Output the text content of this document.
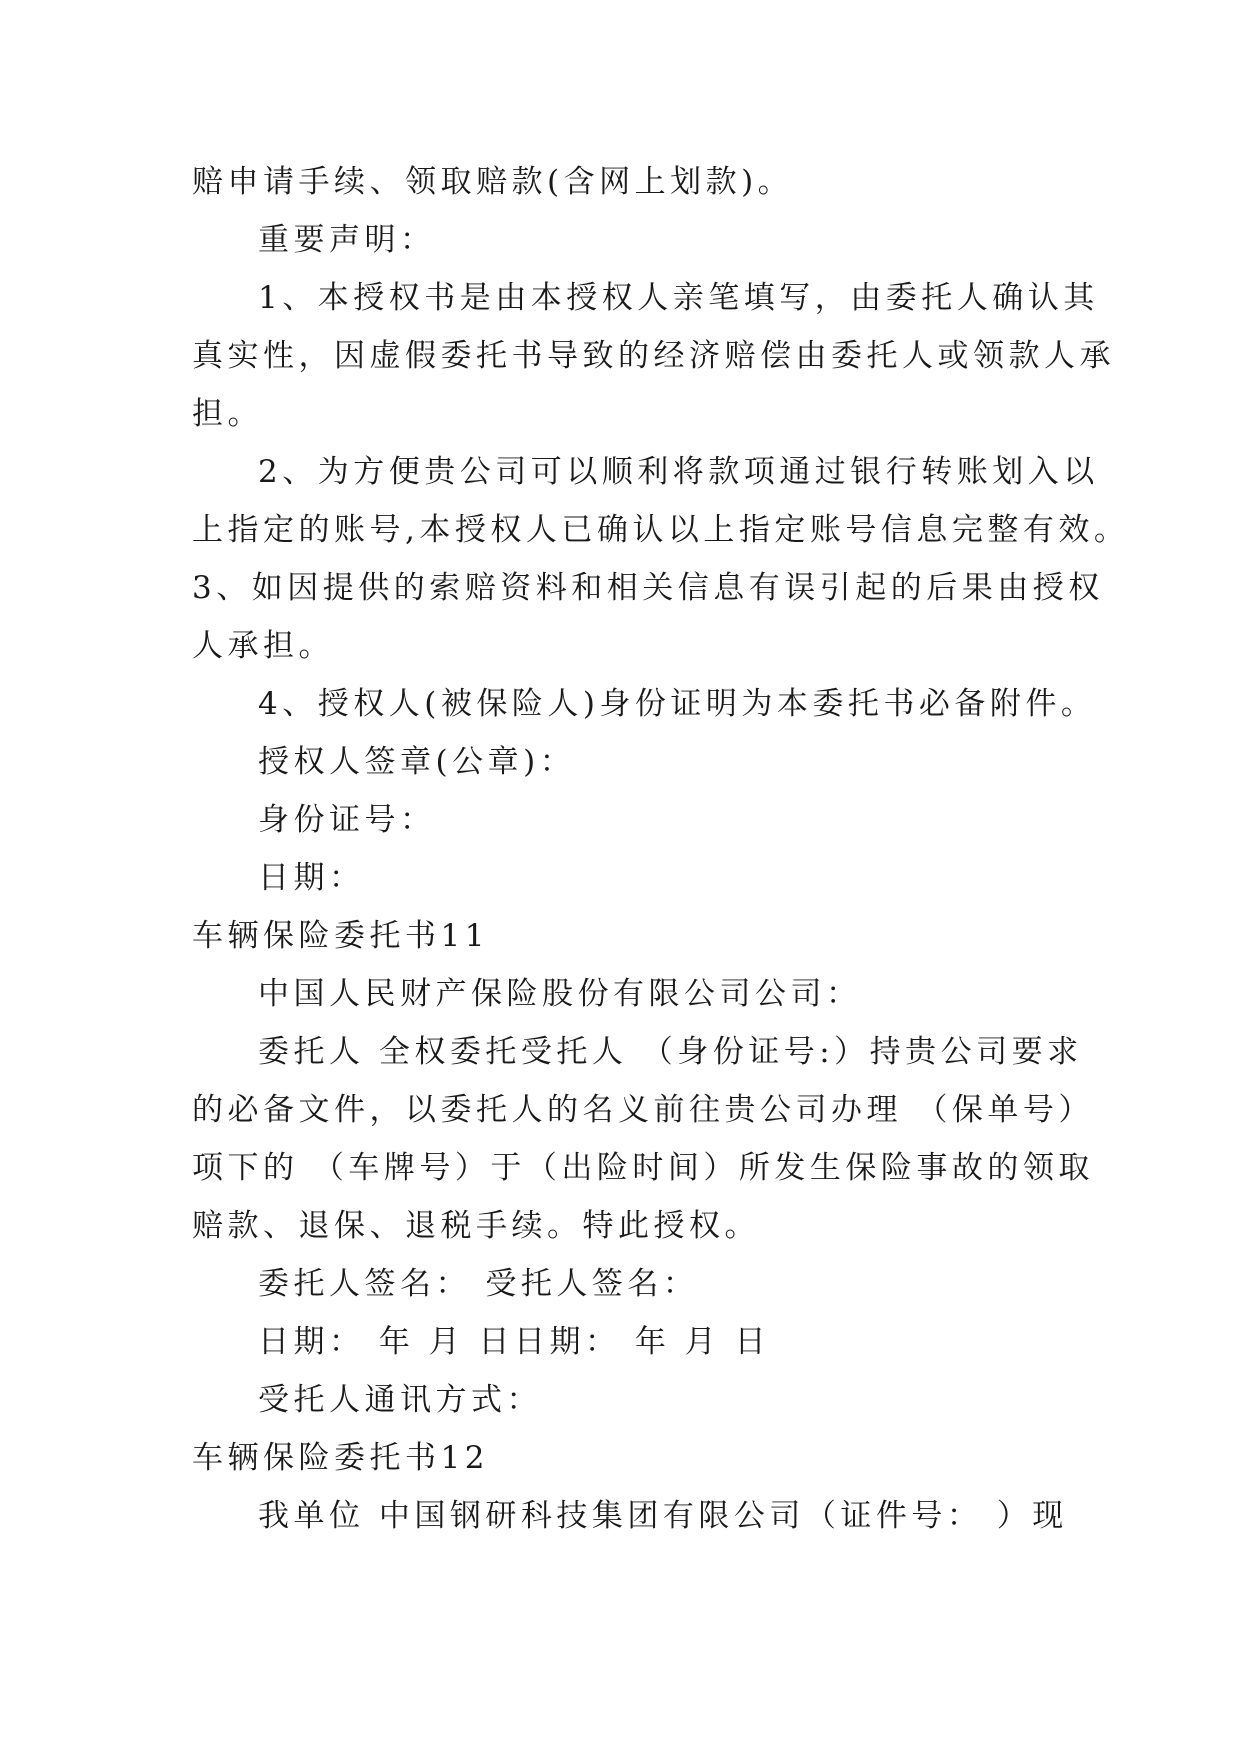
赔申请手续、领取赔款(含网上划款)。

重要声明：

1、本授权书是由本授权人亲笔填写，由委托人确认其

真实性，因虚假委托书导致的经济赔偿由委托人或领款人承

担。

2、为方便贵公司可以顺利将款项通过银行转账划入以

上指定的账号,本授权人已确认以上指定账号信息完整有效。

3、如因提供的索赔资料和相关信息有误引起的后果由授权

人承担。

4、授权人(被保险人)身份证明为本委托书必备附件。

授权人签章(公章)：

身份证号：

日期：

车辆保险委托书11

中国人民财产保险股份有限公司公司：

委托人 全权委托受托人 （身份证号:）持贵公司要求

的必备文件，以委托人的名义前往贵公司办理 （保单号）

项下的 （车牌号）于（出险时间）所发生保险事故的领取

赔款、退保、退税手续。特此授权。

委托人签名： 受托人签名：

日期： 年 月 日日期： 年 月 日

受托人通讯方式：

车辆保险委托书12

我单位 中国钢研科技集团有限公司（证件号： ）现
